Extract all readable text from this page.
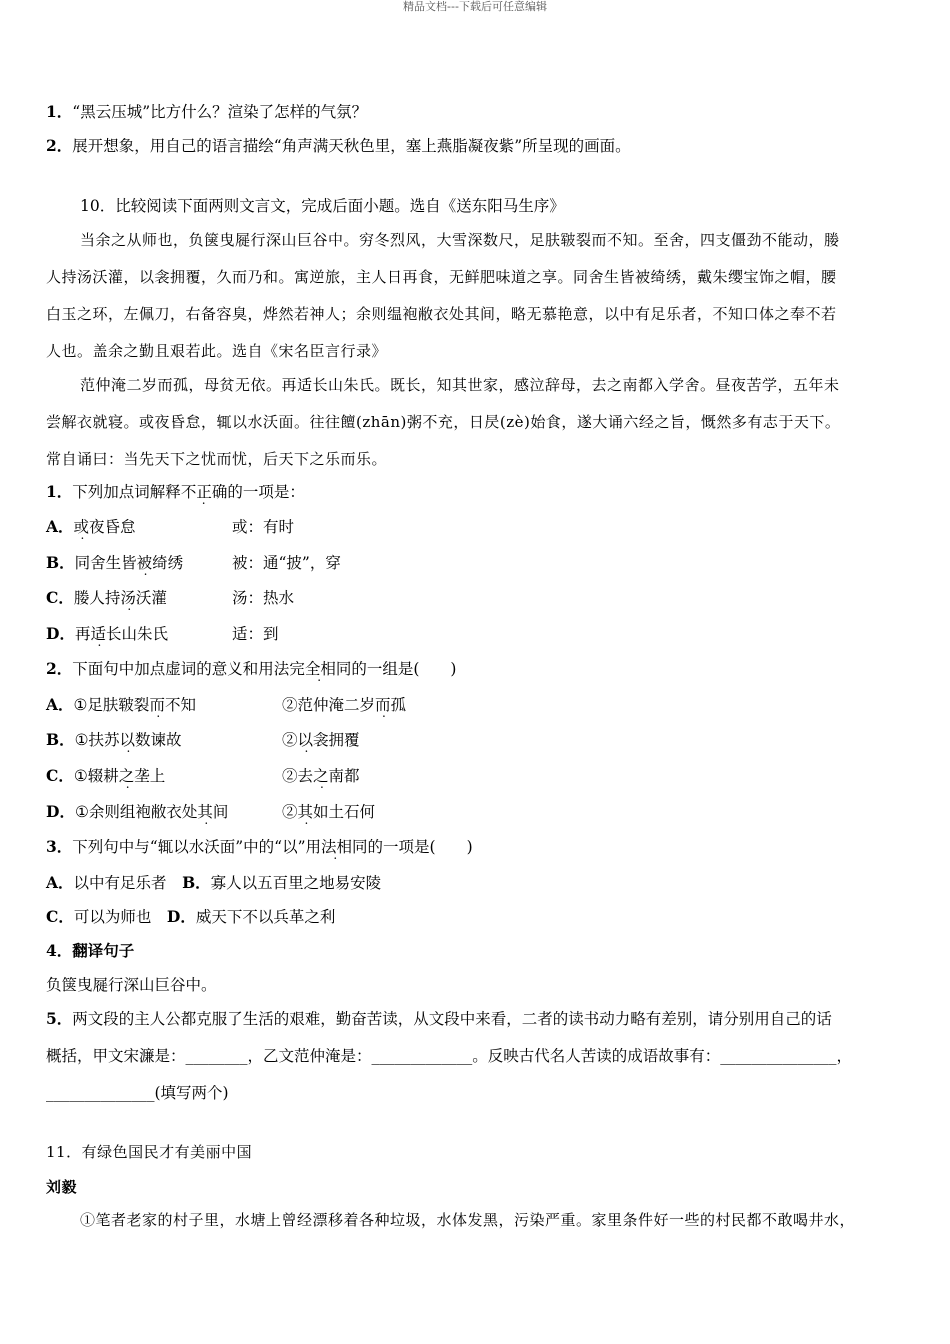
精品文档---下载后可任意编辑
1．“黑云压城”比方什么？渲染了怎样的气氛？
2．展开想象，用自己的语言描绘“角声满天秋色里，塞上燕脂凝夜紫”所呈现的画面。
10．比较阅读下面两则文言文，完成后面小题。选自《送东阳马生序》
当余之从师也，负箧曳屣行深山巨谷中。穷冬烈风，大雪深数尺，足肤皲裂而不知。至舍，四支僵劲不能动，媵
人持汤沃灌，以衾拥覆，久而乃和。寓逆旅，主人日再食，无鲜肥味道之享。同舍生皆被绮绣，戴朱缨宝饰之帽，腰
白玉之环，左佩刀，右备容臭，烨然若神人；余则缊袍敝衣处其间，略无慕艳意，以中有足乐者，不知口体之奉不若
人也。盖余之勤且艰若此。选自《宋名臣言行录》
范仲淹二岁而孤，母贫无依。再适长山朱氏。既长，知其世家，感泣辞母，去之南都入学舍。昼夜苦学，五年未
尝解衣就寝。或夜昏怠，辄以水沃面。往往饘(zhān)粥不充，日昃(zè)始食，遂大诵六经之旨，慨然多有志于天下。
常自诵曰：当先天下之忧而忧，后天下之乐而乐。
1．下列加点词解释不正确的一项是：
A．或夜昏怠	或：有时
B．同舍生皆被绮绣	被：通“披”，穿
C．媵人持汤沃灌	汤：热水
D．再适长山朱氏	适：到
2．下面句中加点虚词的意义和用法完全相同的一组是(　　)
A．①足肤皲裂而不知	②范仲淹二岁而孤
B．①扶苏以数谏故	②以衾拥覆
C．①辍耕之垄上	②去之南都
D．①余则组袍敝衣处其间	②其如土石何
3．下列句中与“辄以水沃面”中的“以”用法相同的一项是(　　)
A．以中有足乐者　 B．寡人以五百里之地易安陵
C．可以为师也　 D．威天下不以兵革之利
4．翻译句子
负箧曳屣行深山巨谷中。
5．两文段的主人公都克服了生活的艰难，勤奋苦读，从文段中来看，二者的读书动力略有差别，请分别用自己的话
概括，甲文宋濂是：________，乙文范仲淹是：_____________。反映古代名人苦读的成语故事有：_______________，
______________(填写两个)
11．有绿色国民才有美丽中国
刘毅
①笔者老家的村子里，水塘上曾经漂移着各种垃圾，水体发黑，污染严重。家里条件好一些的村民都不敢喝井水，
